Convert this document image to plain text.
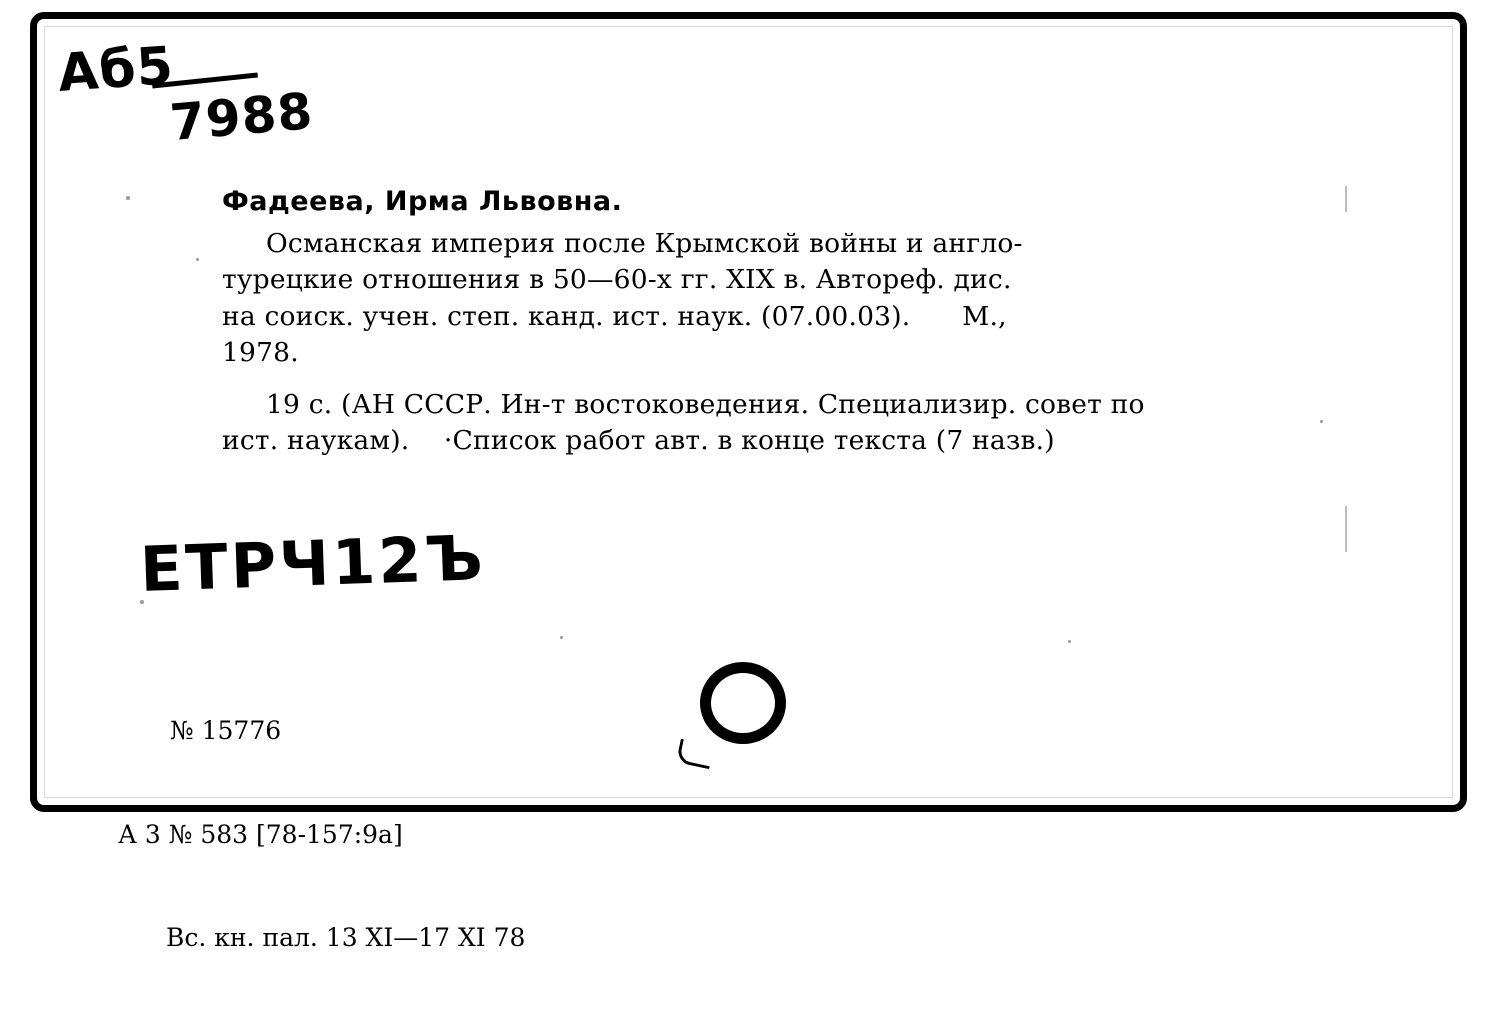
Аб5
7988
Фадеева, Ирма Львовна.
Османская империя после Крымской войны и англо-
турецкие отношения в 50—60-х гг. XIX в. Автореф. дис.
на соиск. учен. степ. канд. ист. наук. (07.00.03).      М.,
1978.
19 с. (АН СССР. Ин-т востоковедения. Специализир. совет по
ист. наукам).    ·Список работ авт. в конце текста (7 назв.)
ЕТРЧ12Ъ

№ 15776

А 3 № 583 [78-157:9а]

Вс. кн. пал. 13 XI—17 XI 78
